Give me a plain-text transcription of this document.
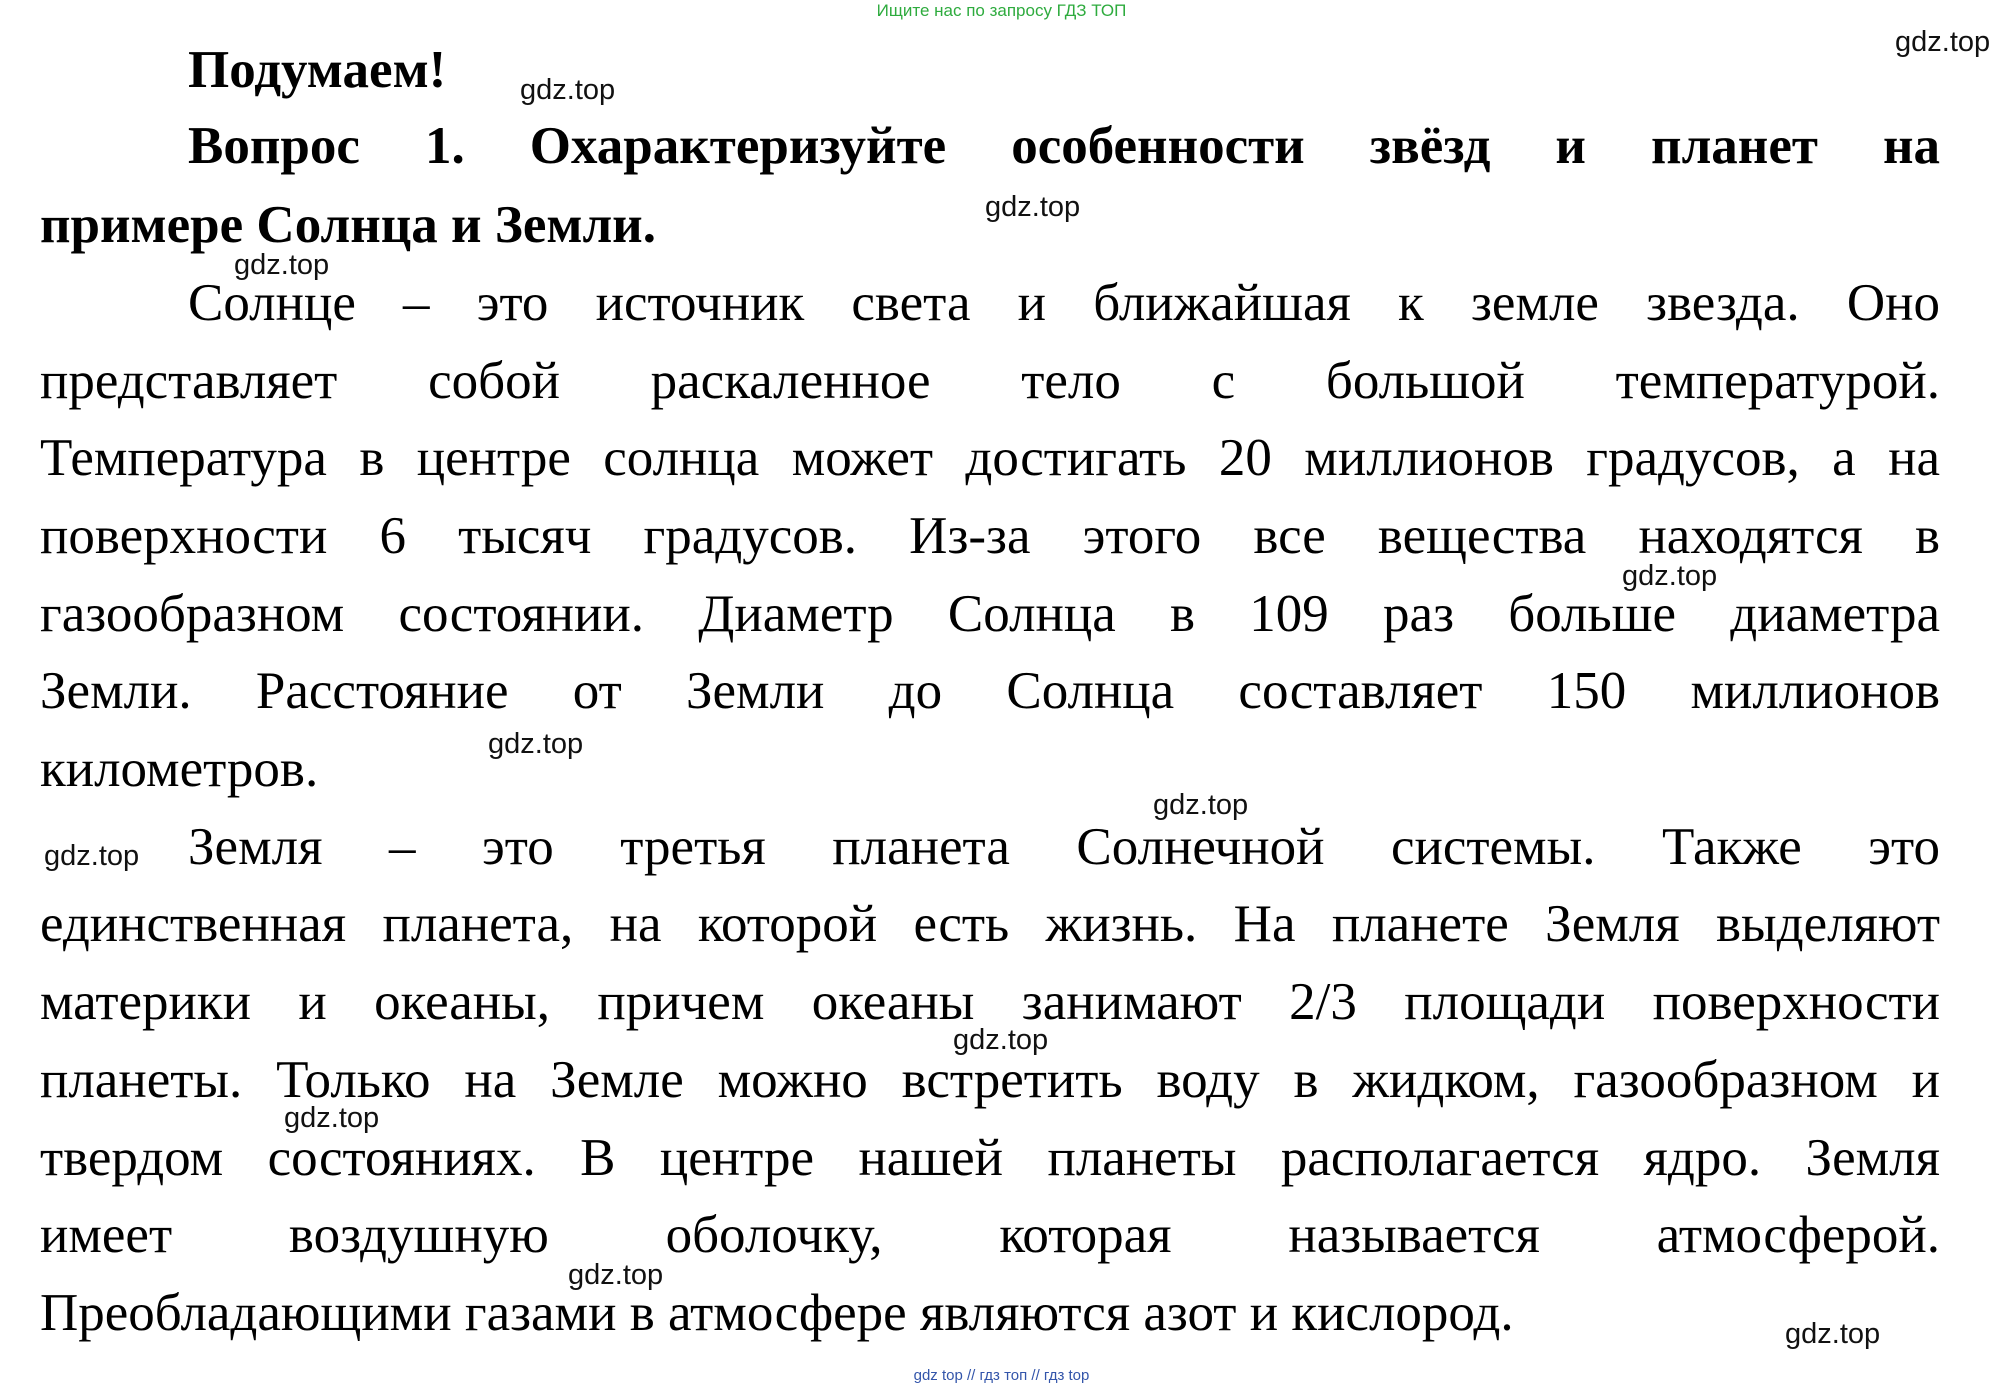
Ищите нас по запросу ГДЗ ТОП
gdz.top
gdz.top
gdz.top
gdz.top
gdz.top
gdz.top
gdz.top
gdz.top
gdz.top
gdz.top
gdz.top
gdz.top
Подумаем!
Вопрос 1. Охарактеризуйте особенности звёзд и планет на
примере Солнца и Земли.
Солнце – это источник света и ближайшая к земле звезда. Оно
представляет собой раскаленное тело с большой температурой.
Температура в центре солнца может достигать 20 миллионов градусов, а на
поверхности 6 тысяч градусов. Из-за этого все вещества находятся в
газообразном состоянии. Диаметр Солнца в 109 раз больше диаметра
Земли. Расстояние от Земли до Солнца составляет 150 миллионов
километров.
Земля – это третья планета Солнечной системы. Также это
единственная планета, на которой есть жизнь. На планете Земля выделяют
материки и океаны, причем океаны занимают 2/3 площади поверхности
планеты. Только на Земле можно встретить воду в жидком, газообразном и
твердом состояниях. В центре нашей планеты располагается ядро. Земля
имеет воздушную оболочку, которая называется атмосферой.
Преобладающими газами в атмосфере являются азот и кислород.
gdz top // гдз топ // гдз top
